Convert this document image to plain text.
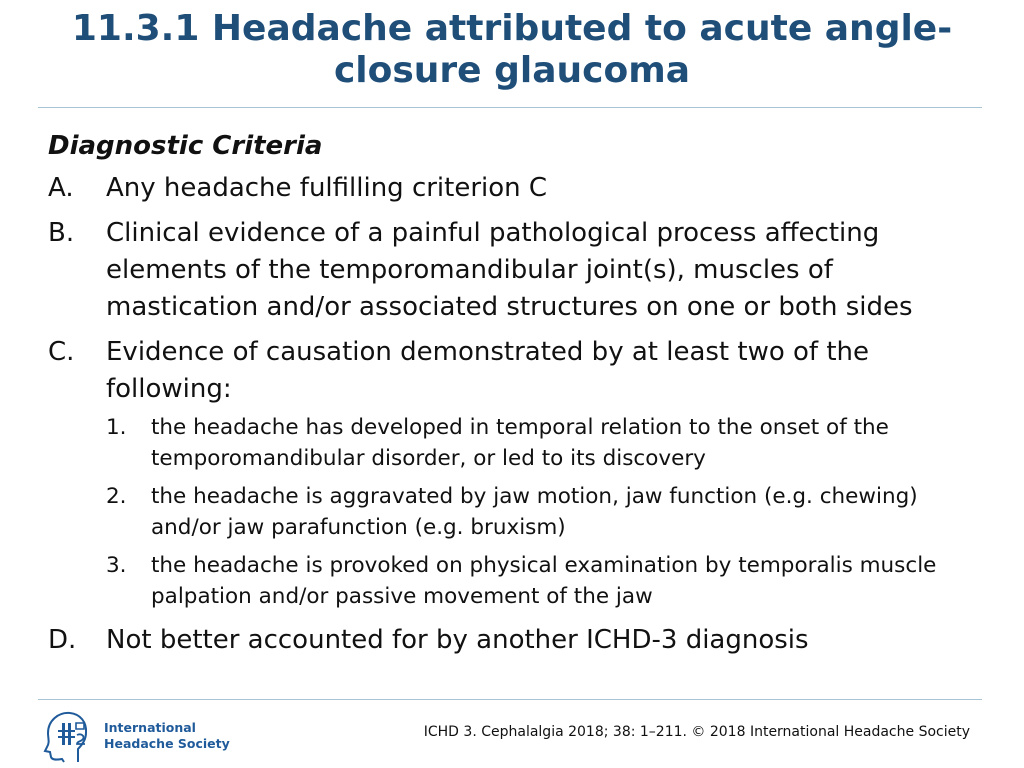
11.3.1 Headache attributed to acute angle-closure glaucoma
Diagnostic Criteria
A.	Any headache fulfilling criterion C
B.	Clinical evidence of a painful pathological process affecting elements of the temporomandibular joint(s), muscles of mastication and/or associated structures on one or both sides
C.	Evidence of causation demonstrated by at least two of the following:
1.	the headache has developed in temporal relation to the onset of the temporomandibular disorder, or led to its discovery
2.	the headache is aggravated by jaw motion, jaw function (e.g. chewing) and/or jaw parafunction (e.g. bruxism)
3.	the headache is provoked on physical examination by temporalis muscle palpation and/or passive movement of the jaw
D.	Not better accounted for by another ICHD-3 diagnosis
International
Headache Society
ICHD 3. Cephalalgia 2018; 38: 1–211. © 2018 International Headache Society
